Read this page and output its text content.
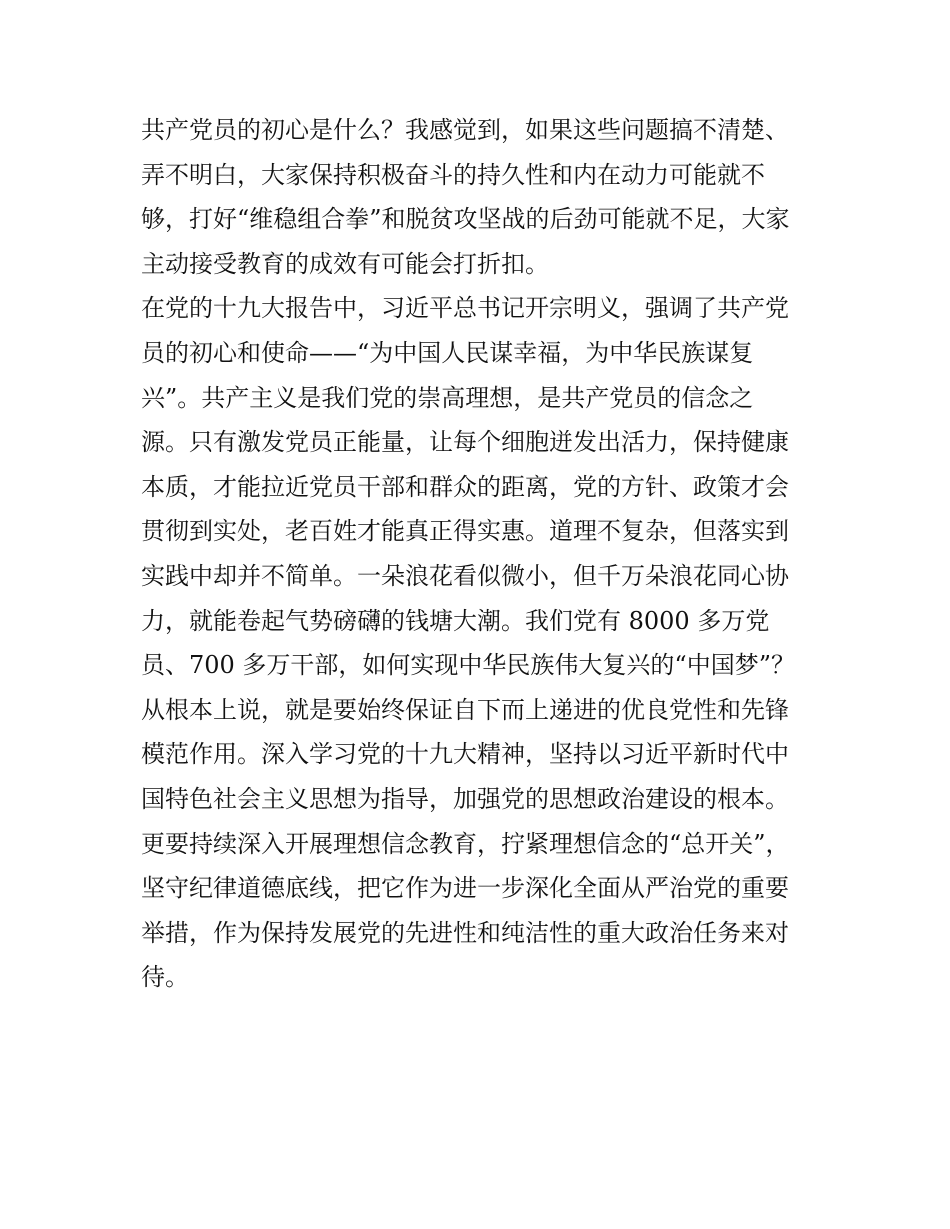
共产党员的初心是什么？我感觉到，如果这些问题搞不清楚、
弄不明白，大家保持积极奋斗的持久性和内在动力可能就不
够，打好“维稳组合拳”和脱贫攻坚战的后劲可能就不足，大家
主动接受教育的成效有可能会打折扣。
在党的十九大报告中，习近平总书记开宗明义，强调了共产党
员的初心和使命——“为中国人民谋幸福，为中华民族谋复
兴”。共产主义是我们党的崇高理想，是共产党员的信念之
源。只有激发党员正能量，让每个细胞迸发出活力，保持健康
本质，才能拉近党员干部和群众的距离，党的方针、政策才会
贯彻到实处，老百姓才能真正得实惠。道理不复杂，但落实到
实践中却并不简单。一朵浪花看似微小，但千万朵浪花同心协
力，就能卷起气势磅礴的钱塘大潮。我们党有 8000 多万党
员、700 多万干部，如何实现中华民族伟大复兴的“中国梦”？
从根本上说，就是要始终保证自下而上递进的优良党性和先锋
模范作用。深入学习党的十九大精神，坚持以习近平新时代中
国特色社会主义思想为指导，加强党的思想政治建设的根本。
更要持续深入开展理想信念教育，拧紧理想信念的“总开关”，
坚守纪律道德底线，把它作为进一步深化全面从严治党的重要
举措，作为保持发展党的先进性和纯洁性的重大政治任务来对
待。
